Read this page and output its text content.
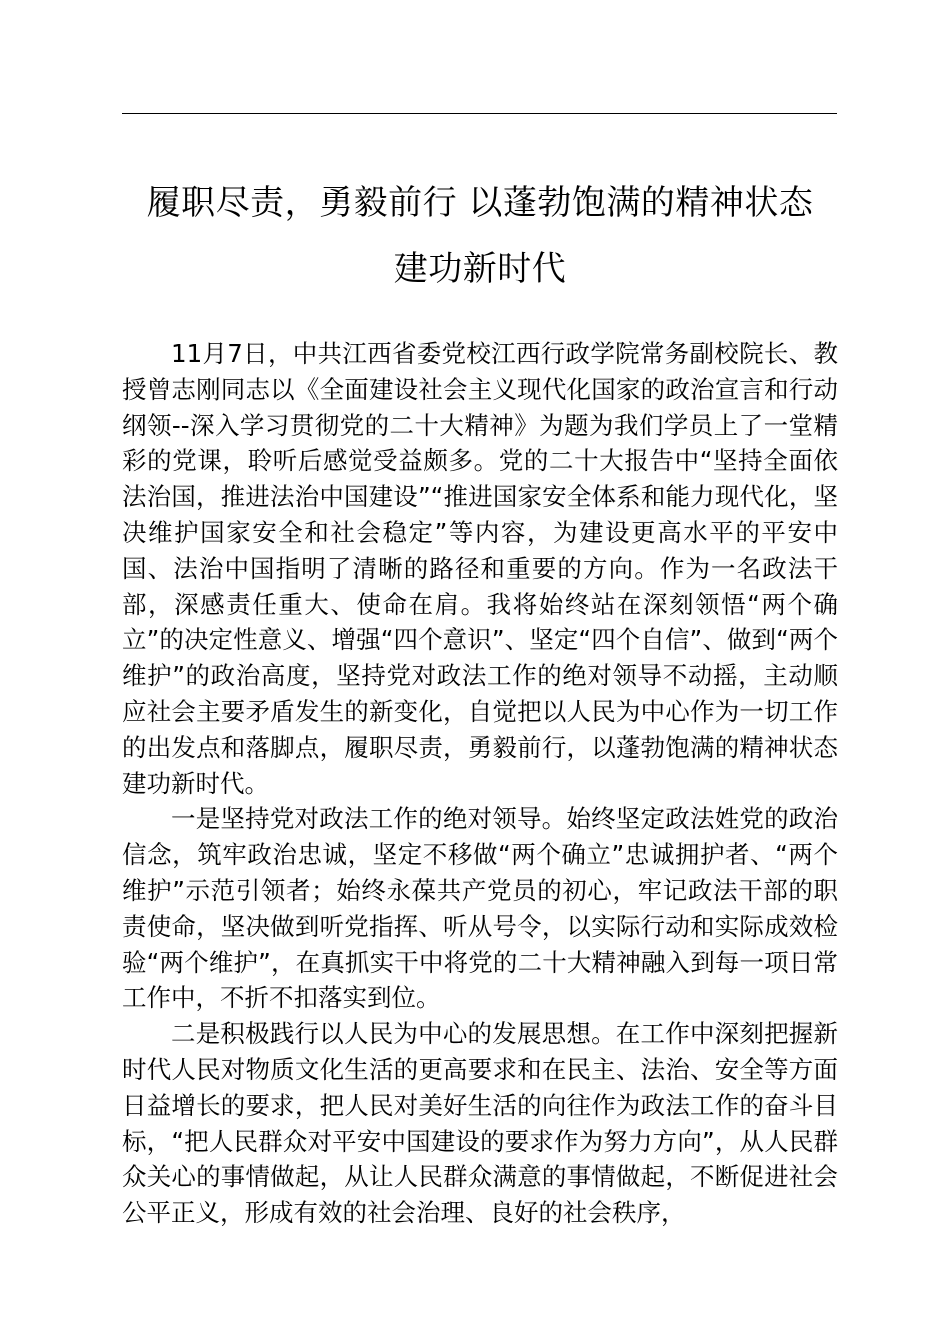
履职尽责，勇毅前行 以蓬勃饱满的精神状态
建功新时代

11月7日，中共江西省委党校江西行政学院常务副校院长、教授曾志刚同志以《全面建设社会主义现代化国家的政治宣言和行动纲领--深入学习贯彻党的二十大精神》为题为我们学员上了一堂精彩的党课，聆听后感觉受益颇多。党的二十大报告中“坚持全面依法治国，推进法治中国建设”“推进国家安全体系和能力现代化，坚决维护国家安全和社会稳定”等内容，为建设更高水平的平安中国、法治中国指明了清晰的路径和重要的方向。作为一名政法干部，深感责任重大、使命在肩。我将始终站在深刻领悟“两个确立”的决定性意义、增强“四个意识”、坚定“四个自信”、做到“两个维护”的政治高度，坚持党对政法工作的绝对领导不动摇，主动顺应社会主要矛盾发生的新变化，自觉把以人民为中心作为一切工作的出发点和落脚点，履职尽责，勇毅前行，以蓬勃饱满的精神状态建功新时代。

一是坚持党对政法工作的绝对领导。始终坚定政法姓党的政治信念，筑牢政治忠诚，坚定不移做“两个确立”忠诚拥护者、“两个维护”示范引领者；始终永葆共产党员的初心，牢记政法干部的职责使命，坚决做到听党指挥、听从号令，以实际行动和实际成效检验“两个维护”，在真抓实干中将党的二十大精神融入到每一项日常工作中，不折不扣落实到位。

二是积极践行以人民为中心的发展思想。在工作中深刻把握新时代人民对物质文化生活的更高要求和在民主、法治、安全等方面日益增长的要求，把人民对美好生活的向往作为政法工作的奋斗目标，“把人民群众对平安中国建设的要求作为努力方向”，从人民群众关心的事情做起，从让人民群众满意的事情做起，不断促进社会公平正义，形成有效的社会治理、良好的社会秩序，
